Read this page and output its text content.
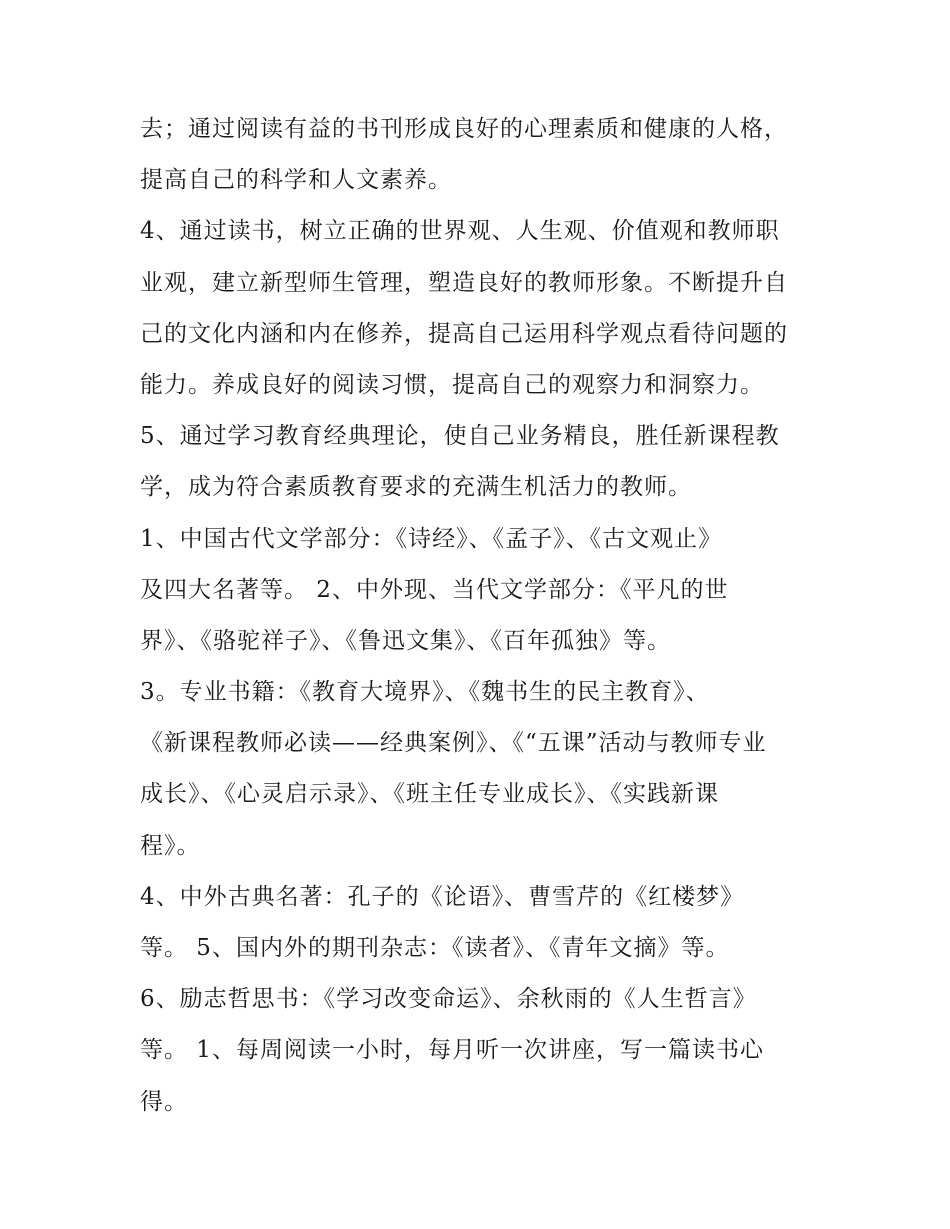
去；通过阅读有益的书刊形成良好的心理素质和健康的人格，
提高自己的科学和人文素养。
4、通过读书，树立正确的世界观、人生观、价值观和教师职
业观，建立新型师生管理，塑造良好的教师形象。不断提升自
己的文化内涵和内在修养，提高自己运用科学观点看待问题的
能力。养成良好的阅读习惯，提高自己的观察力和洞察力。
5、通过学习教育经典理论，使自己业务精良，胜任新课程教
学，成为符合素质教育要求的充满生机活力的教师。
1、中国古代文学部分：《诗经》、《孟子》、《古文观止》
及四大名著等。 2、中外现、当代文学部分：《平凡的世
界》、《骆驼祥子》、《鲁迅文集》、《百年孤独》等。
3。专业书籍：《教育大境界》、《魏书生的民主教育》、
《新课程教师必读——经典案例》、《“五课”活动与教师专业
成长》、《心灵启示录》、《班主任专业成长》、《实践新课
程》。
4、中外古典名著：孔子的《论语》、曹雪芹的《红楼梦》
等。 5、国内外的期刊杂志：《读者》、《青年文摘》等。
6、励志哲思书：《学习改变命运》、余秋雨的《人生哲言》
等。 1、每周阅读一小时，每月听一次讲座，写一篇读书心
得。
